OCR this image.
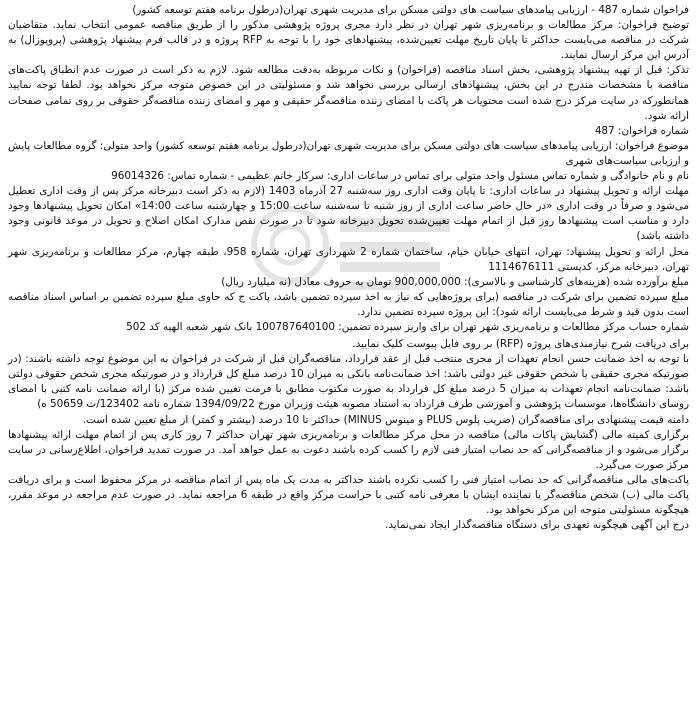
فراخوان شماره 487 - ارزیابی پیامدهای سیاست های دولتی مسکن برای مدیریت شهری تهران(درطول برنامه هفتم توسعه کشور)

توضیح فراخوان: مرکز مطالعات و برنامه‌ریزی شهر تهران در نظر دارد مجری پروژه پژوهشی مذکور را از طریق مناقصه عمومی انتخاب نماید. متقاضیان شرکت در مناقصه می‌بایست حداکثر تا پایان تاریخ مهلت تعیین‌شده، پیشنهادهای خود را با توجه به RFP پروژه و در قالب فرم پیشنهاد پژوهشی (پروپوزال) به آدرس این مرکز ارسال نمایند.

تذکر: قبل از تهیه پیشنهاد پژوهشی، بخش اسناد مناقصه (فراخوان) و نکات مربوطه به‌دقت مطالعه شود. لازم به ذکر است در صورت عدم انطباق پاکت‌های مناقصه با مشخصات مندرج در این بخش، پیشنهادهای ارسالی بررسی نخواهد شد و مسئولیتی در این خصوص متوجه مرکز نخواهد بود. لطفا توجه نمایید همانطورکه در سایت مرکز درج شده است محتویات هر پاکت با امضای زننده مناقصه‌گر حقیقی و مهر و امضای زننده مناقصه‌گر حقوقی بر روی تمامی صفحات ارائه شود.

شماره فراخوان: 487

موضوع فراخوان: ارزیابی پیامدهای سیاست های دولتی مسکن برای مدیریت شهری تهران(درطول برنامه هفتم توسعه کشور) واحد متولی: گروه مطالعات پایش و ارزیابی سیاست‌های شهری

نام و نام خانوادگی و شماره تماس مسئول واحد متولی برای تماس در ساعات اداری: سرکار خانم عظیمی - شماره تماس: 96014326

مهلت ارائه و تحویل پیشنهاد در ساعات اداری: تا پایان وقت اداری روز سه‌شنبه 27 آذرماه 1403 (لازم به ذکر است دبیرخانه مرکز پس از وقت اداری تعطیل می‌شود و صرفاً در وقت اداری «در حال حاضر ساعت اداری از روز شنبه تا سه‌شنبه ساعت 15:00 و چهارشنبه ساعت 14:00» امکان تحویل پیشنهادها وجود دارد و مناسب است پیشنهادها روز قبل از اتمام مهلت تعیین‌شده تحویل دبیرخانه شود تا در صورت نقص مدارک امکان اصلاح و تحویل در موعد قانونی وجود داشته باشد)

محل ارائه و تحویل پیشنهاد: تهران، انتهای خیابان خیام، ساختمان شماره 2 شهرداری تهران، شماره 958، طبقه چهارم، مرکز مطالعات و برنامه‌ریزی شهر تهران، دبیرخانه مرکز، کدپستی 1114676111

مبلغ برآورده شده (هزینه‌های کارشناسی و بالاسری): 900,000,000 تومان به حروف معادل (نه میلیارد ریال)

مبلغ سپرده تضمین برای شرکت در مناقصه (برای پروژه‌هایی که نیاز به اخذ سپرده تضمین باشد، پاکت ج که حاوی مبلغ سپرده تضمین بر اساس اسناد مناقصه است بدون قید و شرط می‌بایست ارائه شود): این پروژه سپرده تضمین ندارد.

شماره حساب مرکز مطالعات و برنامه‌ریزی شهر تهران برای واریز سپرده تضمین: 100787640100 بانک شهر شعبه الهیه کد 502

برای دریافت شرح نیازمندی‌های پروژه (RFP) بر روی فایل پیوست کلیک نمایید.

با توجه به اخذ ضمانت حسن انجام تعهدات از مجری منتخب قبل از عقد قرارداد، مناقصه‌گران قبل از شرکت در فراخوان به این موضوع توجه داشته باشند: (در صورتیکه مجری حقیقی یا شخص حقوقی غیر دولتی باشد: اخذ ضمانت‌نامه بانکی به میزان 10 درصد مبلغ کل قرارداد و در صورتیکه مجری شخص حقوقی دولتی باشد: ضمانت‌نامه انجام تعهدات به میزان 5 درصد مبلغ کل قرارداد به صورت مکتوب مطابق با فرمت تعیین شده مرکز (با ارائه ضمانت نامه کتبی با امضای روسای دانشگاه‌ها، موسسات پژوهشی و آموزشی طرف قرارداد به استناد مصوبه هیئت وزیران مورخ 1394/09/22 شماره نامه 123402/ت 50659 ه)

دامنه قیمت پیشنهادی برای مناقصه‌گران (ضریب پلوس PLUS و مینوس MINUS) حداکثر تا 10 درصد (بیشتر و کمتر) از مبلغ تعیین شده است.

برگزاری کمیته مالی (گشایش پاکات مالی) مناقصه در محل مرکز مطالعات و برنامه‌ریزی شهر تهران حداکثر 7 روز کاری پس از اتمام مهلت ارائه پیشنهادها برگزار می‌شود و از مناقصه‌گرانی که حد نصاب امتیاز فنی لازم را کسب کرده باشند دعوت به عمل خواهد آمد. در صورت تمدید فراخوان، اطلاع‌رسانی در سایت مرکز صورت می‌گیرد.

پاکت‌های مالی مناقصه‌گرانی که حد نصاب امتیاز فنی را کسب نکرده باشند حداکثر به مدت یک ماه پس از اتمام مناقصه در مرکز محفوظ است و برای دریافت پاکت مالی (ب) شخص مناقصه‌گر یا نماینده ایشان با معرفی نامه کتبی با حراست مرکز واقع در طبقه 6 مراجعه نماید. در صورت عدم مراجعه در موعد مقرر، هیچگونه مسئولیتی متوجه این مرکز نخواهد بود.

درج این آگهی هیچگونه تعهدی برای دستگاه مناقصه‌گذار ایجاد نمی‌نماید.
